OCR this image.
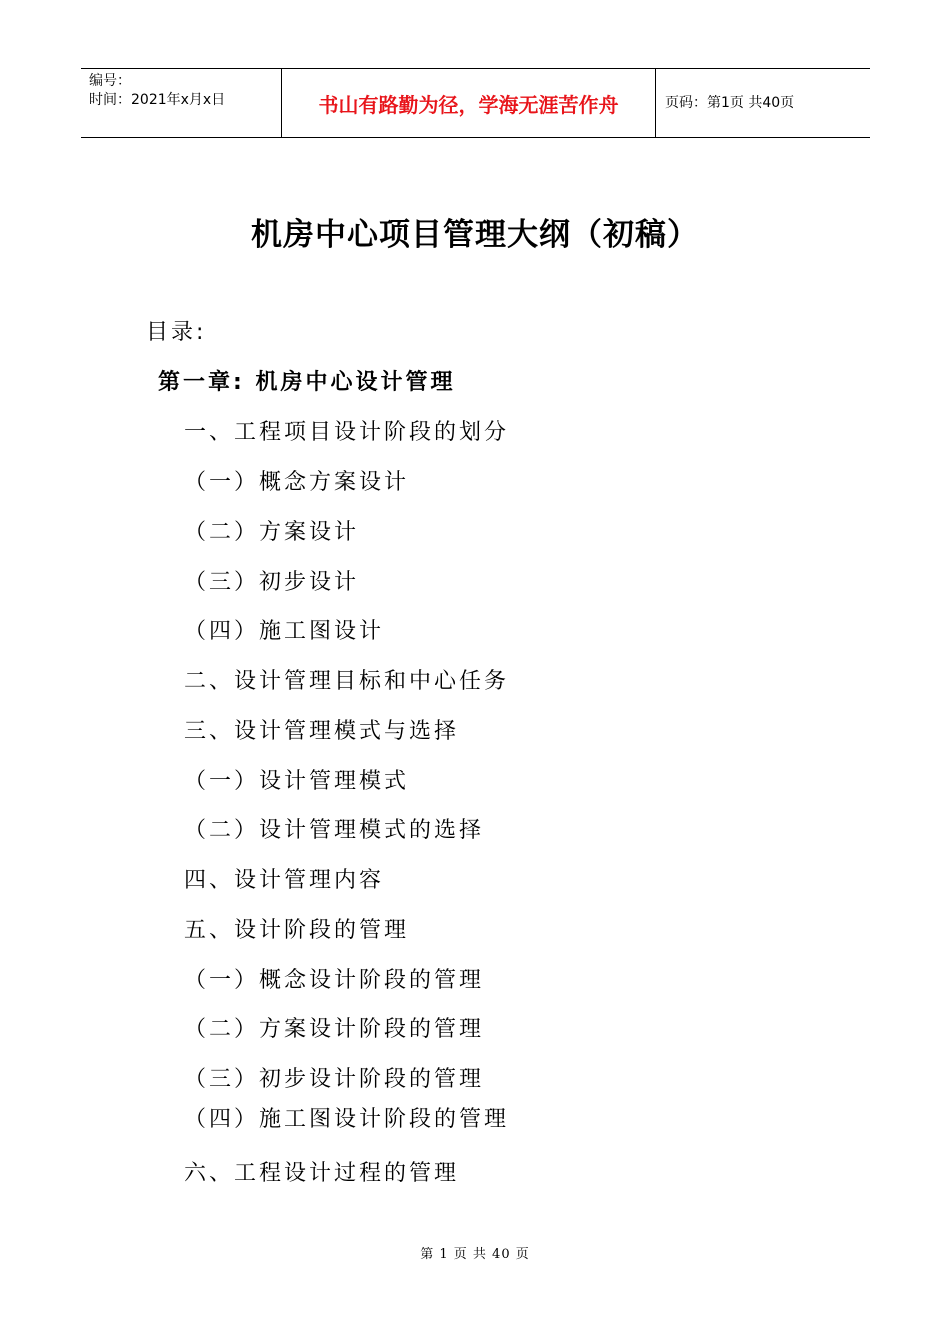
编号：
时间：2021年x月x日	书山有路勤为径，学海无涯苦作舟	页码：第1页 共40页
机房中心项目管理大纲（初稿）
目录:
第一章: 机房中心设计管理
一、工程项目设计阶段的划分
（一）概念方案设计
（二）方案设计
（三）初步设计
（四）施工图设计
二、设计管理目标和中心任务
三、设计管理模式与选择
（一）设计管理模式
（二）设计管理模式的选择
四、设计管理内容
五、设计阶段的管理
（一）概念设计阶段的管理
（二）方案设计阶段的管理
（三）初步设计阶段的管理
（四）施工图设计阶段的管理
六、工程设计过程的管理
第 1 页 共 40 页
